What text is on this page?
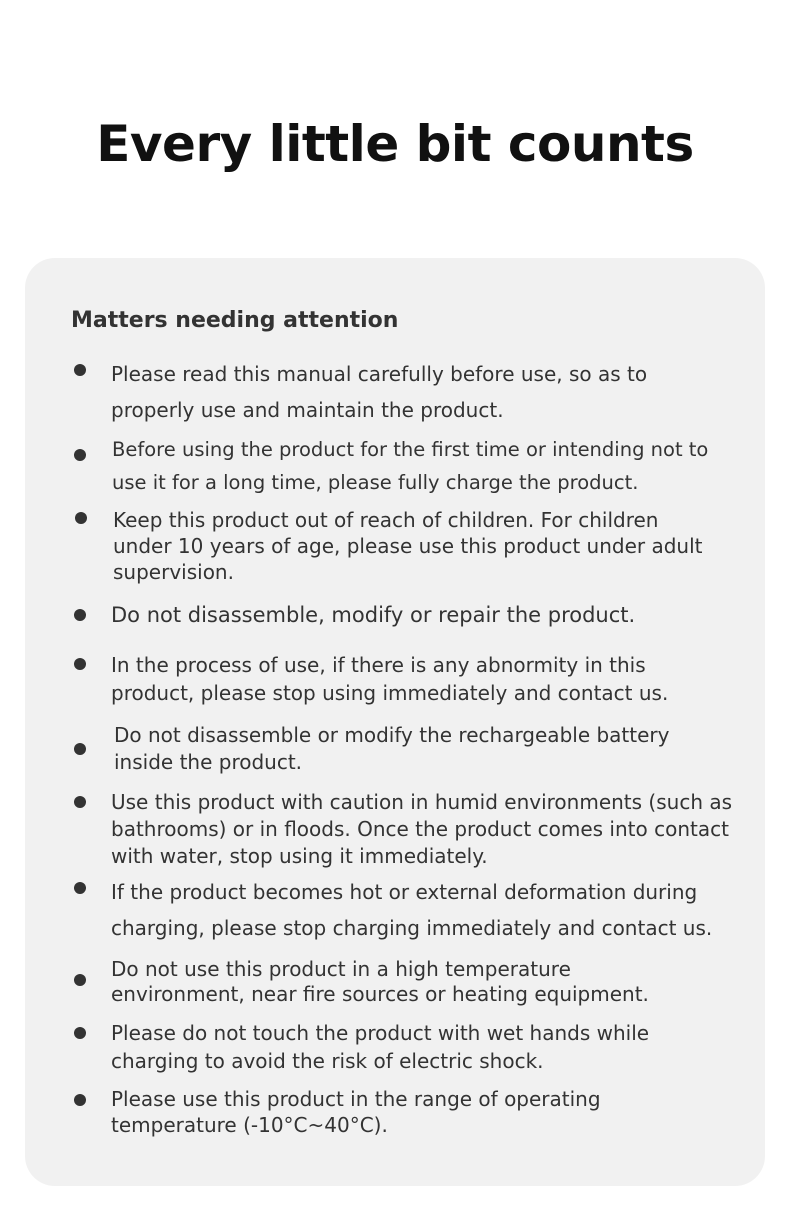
Every little bit counts
Matters needing attention
Please read this manual carefully before use, so as to
properly use and maintain the product.
Before using the product for the first time or intending not to
use it for a long time, please fully charge the product.
Keep this product out of reach of children. For children
under 10 years of age, please use this product under adult
supervision.
Do not disassemble, modify or repair the product.
In the process of use, if there is any abnormity in this
product, please stop using immediately and contact us.
Do not disassemble or modify the rechargeable battery
inside the product.
Use this product with caution in humid environments (such as
bathrooms) or in floods. Once the product comes into contact
with water, stop using it immediately.
If the product becomes hot or external deformation during
charging, please stop charging immediately and contact us.
Do not use this product in a high temperature
environment, near fire sources or heating equipment.
Please do not touch the product with wet hands while
charging to avoid the risk of electric shock.
Please use this product in the range of operating
temperature (-10°C~40°C).
